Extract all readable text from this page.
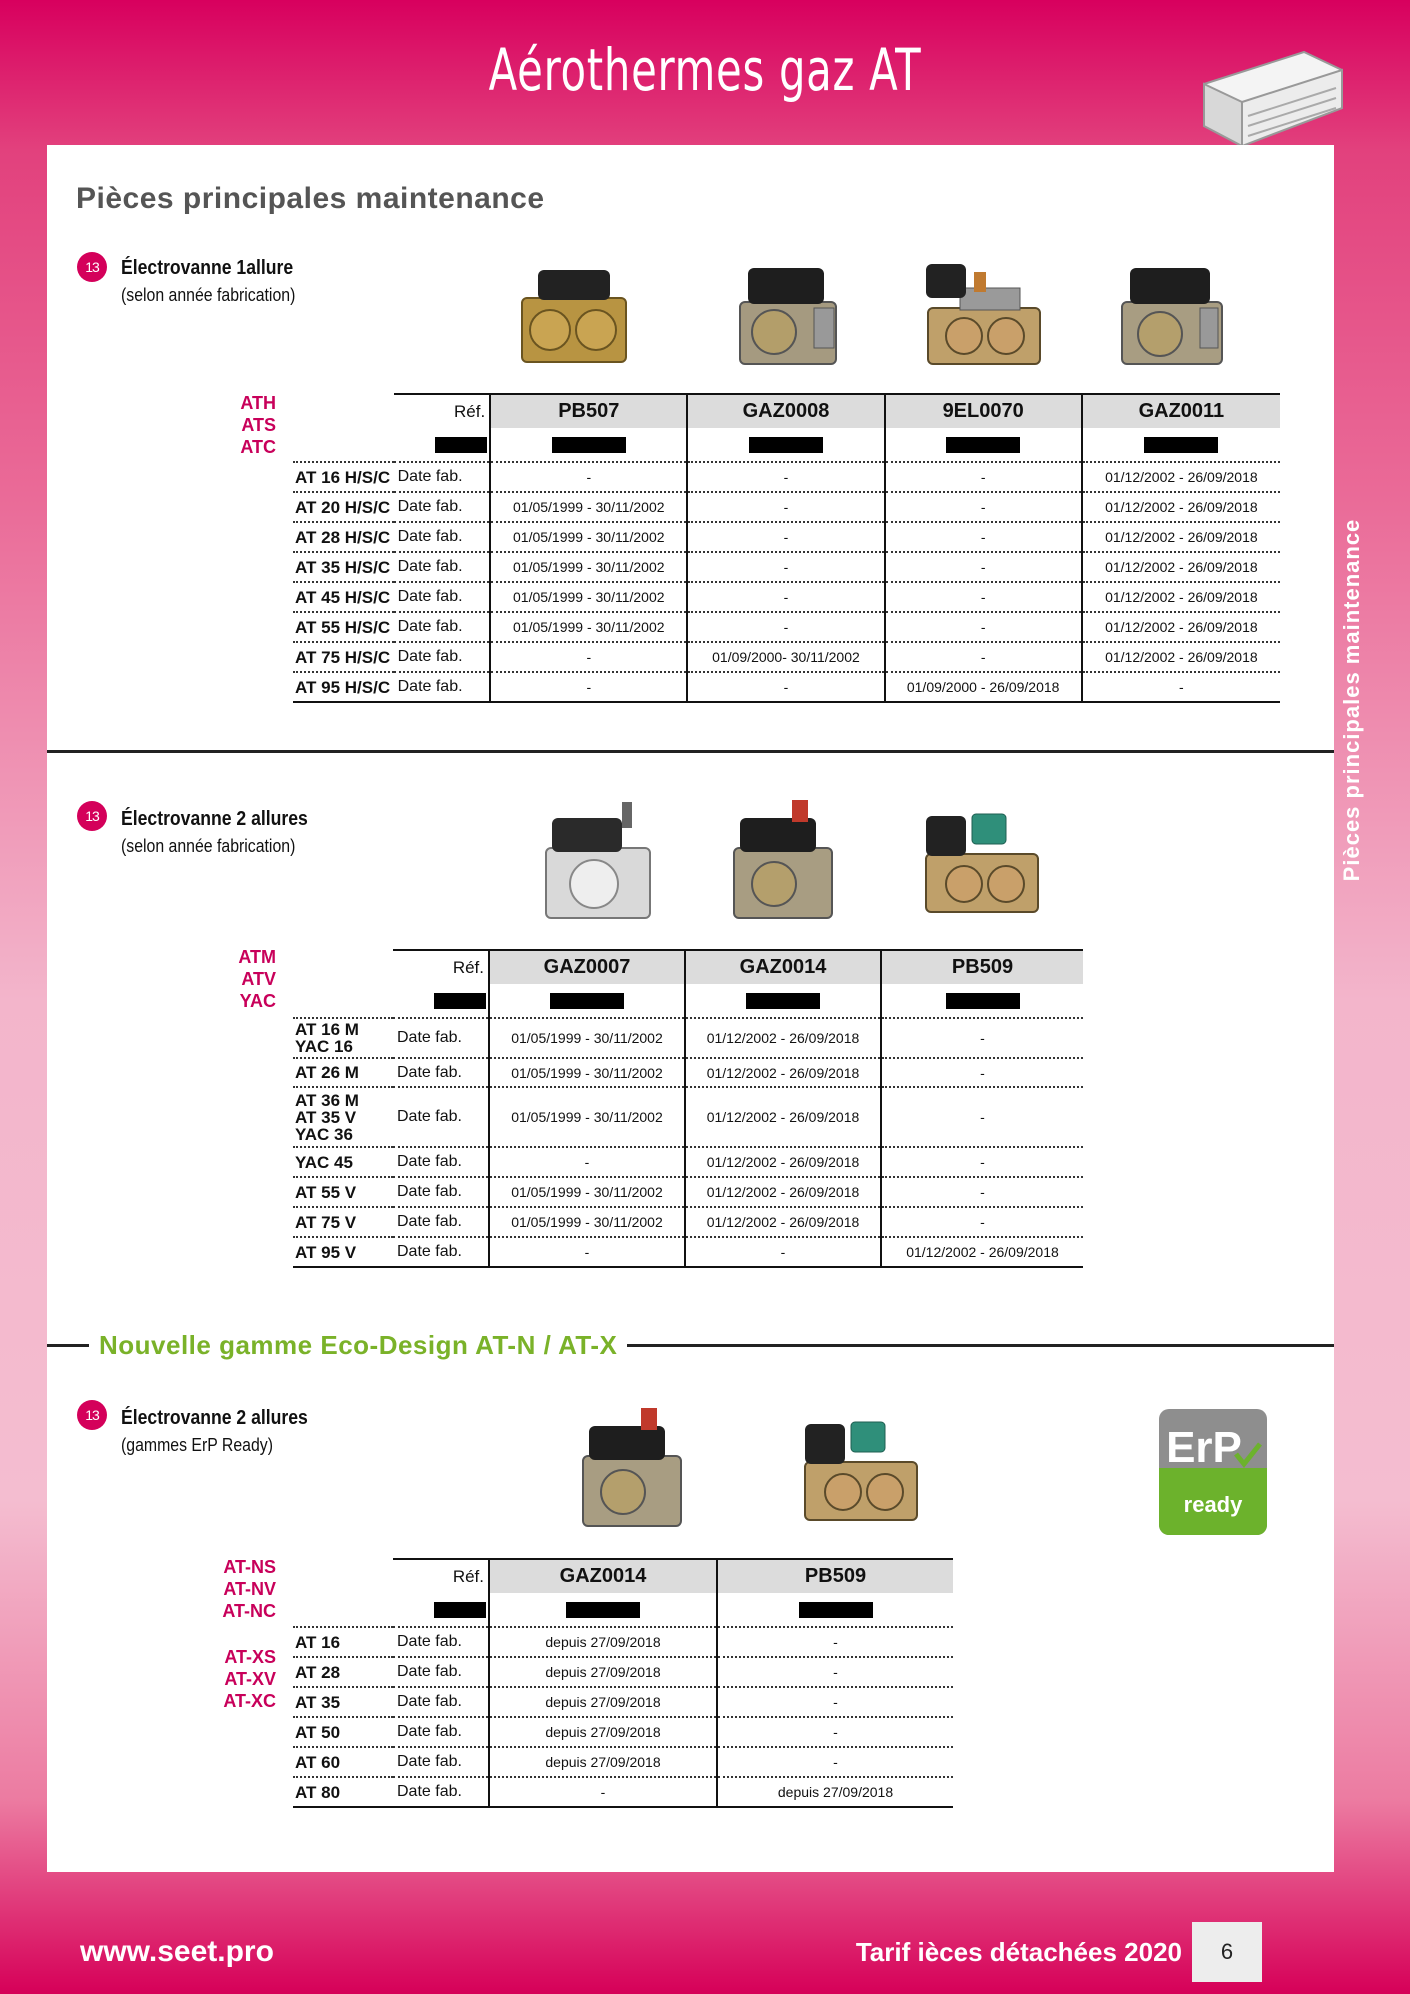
Aérothermes gaz AT
Pièces principales maintenance
Pièces principales maintenance
13	Électrovanne 1allure
(selon année fabrication)
ATH
ATS
ATC
	Réf.	PB507	GAZ0008	9EL0070	GAZ0011

AT 16 H/S/C	Date fab.	-	-	-	01/12/2002 - 26/09/2018
AT 20 H/S/C	Date fab.	01/05/1999 - 30/11/2002	-	-	01/12/2002 - 26/09/2018
AT 28 H/S/C	Date fab.	01/05/1999 - 30/11/2002	-	-	01/12/2002 - 26/09/2018
AT 35 H/S/C	Date fab.	01/05/1999 - 30/11/2002	-	-	01/12/2002 - 26/09/2018
AT 45 H/S/C	Date fab.	01/05/1999 - 30/11/2002	-	-	01/12/2002 - 26/09/2018
AT 55 H/S/C	Date fab.	01/05/1999 - 30/11/2002	-	-	01/12/2002 - 26/09/2018
AT 75 H/S/C	Date fab.	-	01/09/2000- 30/11/2002	-	01/12/2002 - 26/09/2018
AT 95 H/S/C	Date fab.	-	-	01/09/2000 - 26/09/2018	-
13	Électrovanne 2 allures
(selon année fabrication)
ATM
ATV
YAC
	Réf.	GAZ0007	GAZ0014	PB509

AT 16 M
YAC 16	Date fab.	01/05/1999 - 30/11/2002	01/12/2002 - 26/09/2018	-
AT 26 M	Date fab.	01/05/1999 - 30/11/2002	01/12/2002 - 26/09/2018	-
AT 36 M
AT 35 V
YAC 36	Date fab.	01/05/1999 - 30/11/2002	01/12/2002 - 26/09/2018	-
YAC 45	Date fab.	-	01/12/2002 - 26/09/2018	-
AT 55 V	Date fab.	01/05/1999 - 30/11/2002	01/12/2002 - 26/09/2018	-
AT 75 V	Date fab.	01/05/1999 - 30/11/2002	01/12/2002 - 26/09/2018	-
AT 95 V	Date fab.	-	-	01/12/2002 - 26/09/2018
Nouvelle gamme Eco-Design AT-N / AT-X
13	Électrovanne 2 allures
(gammes ErP Ready)
AT-NS
AT-NV
AT-NC
AT-XS
AT-XV
AT-XC
ErP
ready
	Réf.	GAZ0014	PB509

AT 16	Date fab.	depuis 27/09/2018	-
AT 28	Date fab.	depuis 27/09/2018	-
AT 35	Date fab.	depuis 27/09/2018	-
AT 50	Date fab.	depuis 27/09/2018	-
AT 60	Date fab.	depuis 27/09/2018	-
AT 80	Date fab.	-	depuis 27/09/2018
www.seet.pro	Tarif ièces détachées 2020	6
